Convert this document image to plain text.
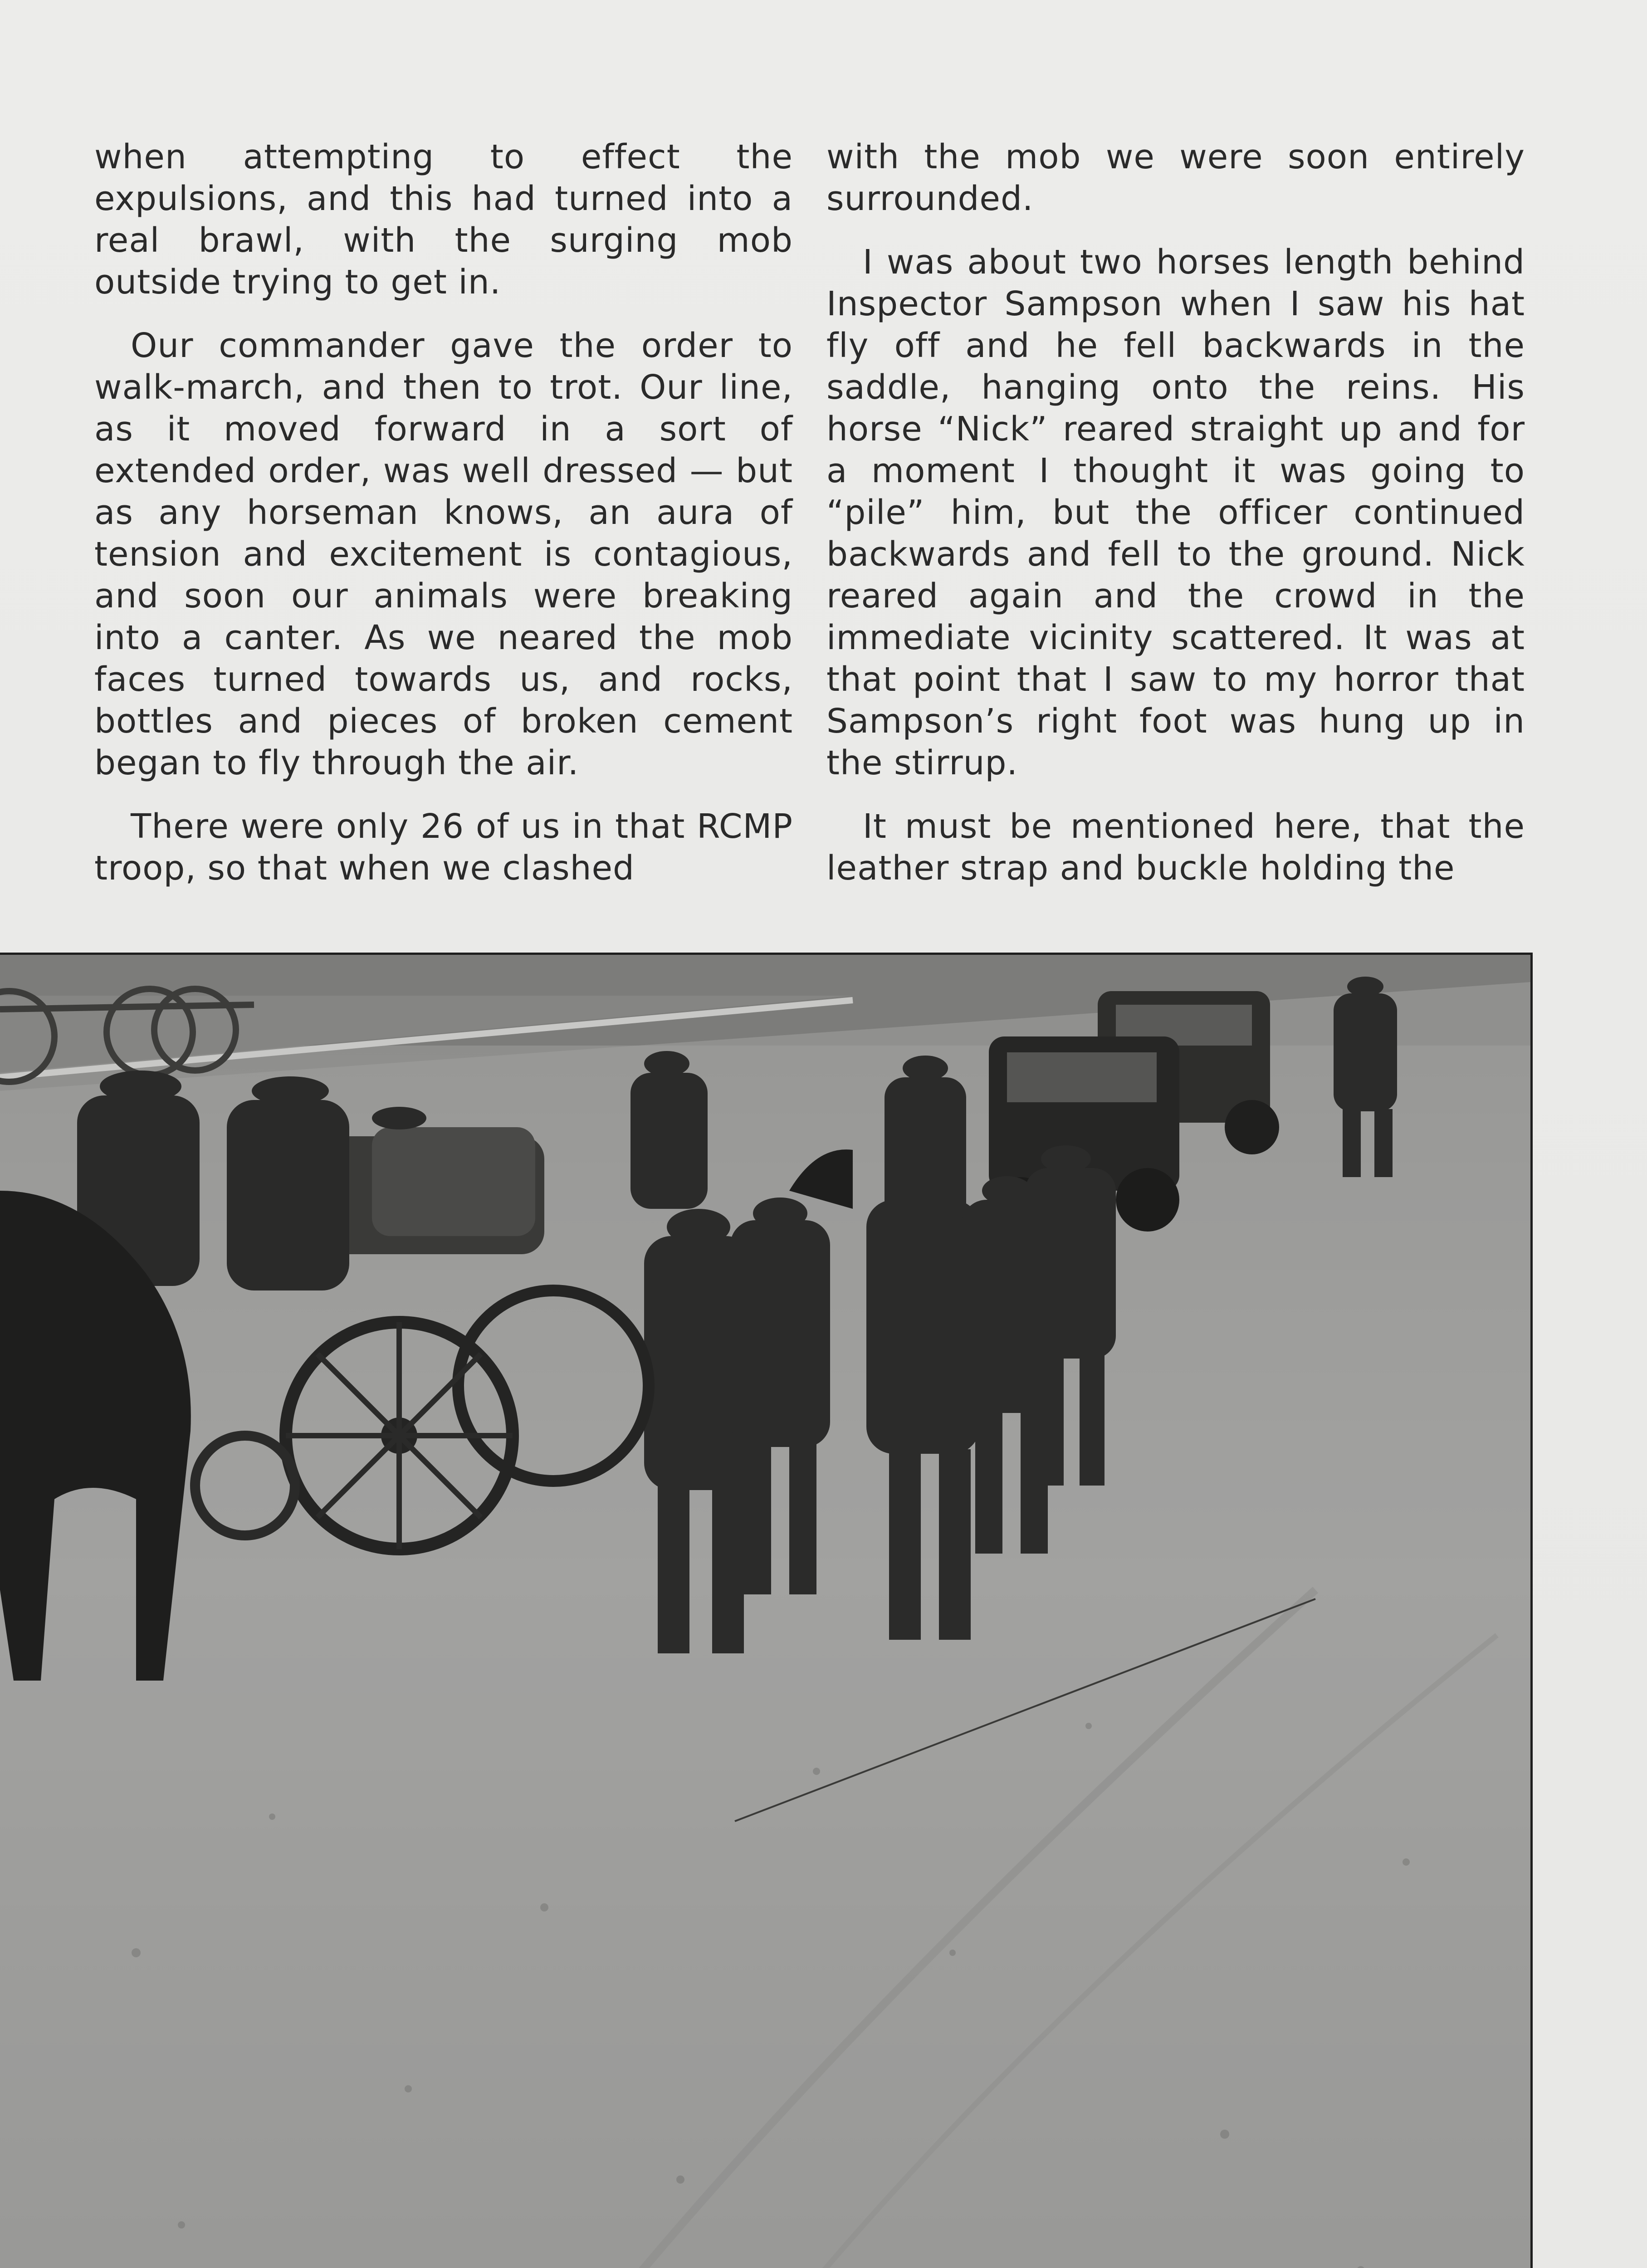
when attempting to effect the expulsions, and this had turned into a real brawl, with the surging mob outside trying to get in.

Our commander gave the order to walk-march, and then to trot. Our line, as it moved forward in a sort of extended order, was well dressed — but as any horseman knows, an aura of tension and excitement is contagious, and soon our animals were breaking into a canter. As we neared the mob faces turned towards us, and rocks, bottles and pieces of broken cement began to fly through the air.

There were only 26 of us in that RCMP troop, so that when we clashed

with the mob we were soon entirely surrounded.

I was about two horses length behind Inspector Sampson when I saw his hat fly off and he fell backwards in the saddle, hanging onto the reins. His horse “Nick” reared straight up and for a moment I thought it was going to “pile” him, but the officer continued backwards and fell to the ground. Nick reared again and the crowd in the immediate vicinity scattered. It was at that point that I saw to my horror that Sampson’s right foot was hung up in the stirrup.

It must be mentioned here, that the leather strap and buckle holding the
